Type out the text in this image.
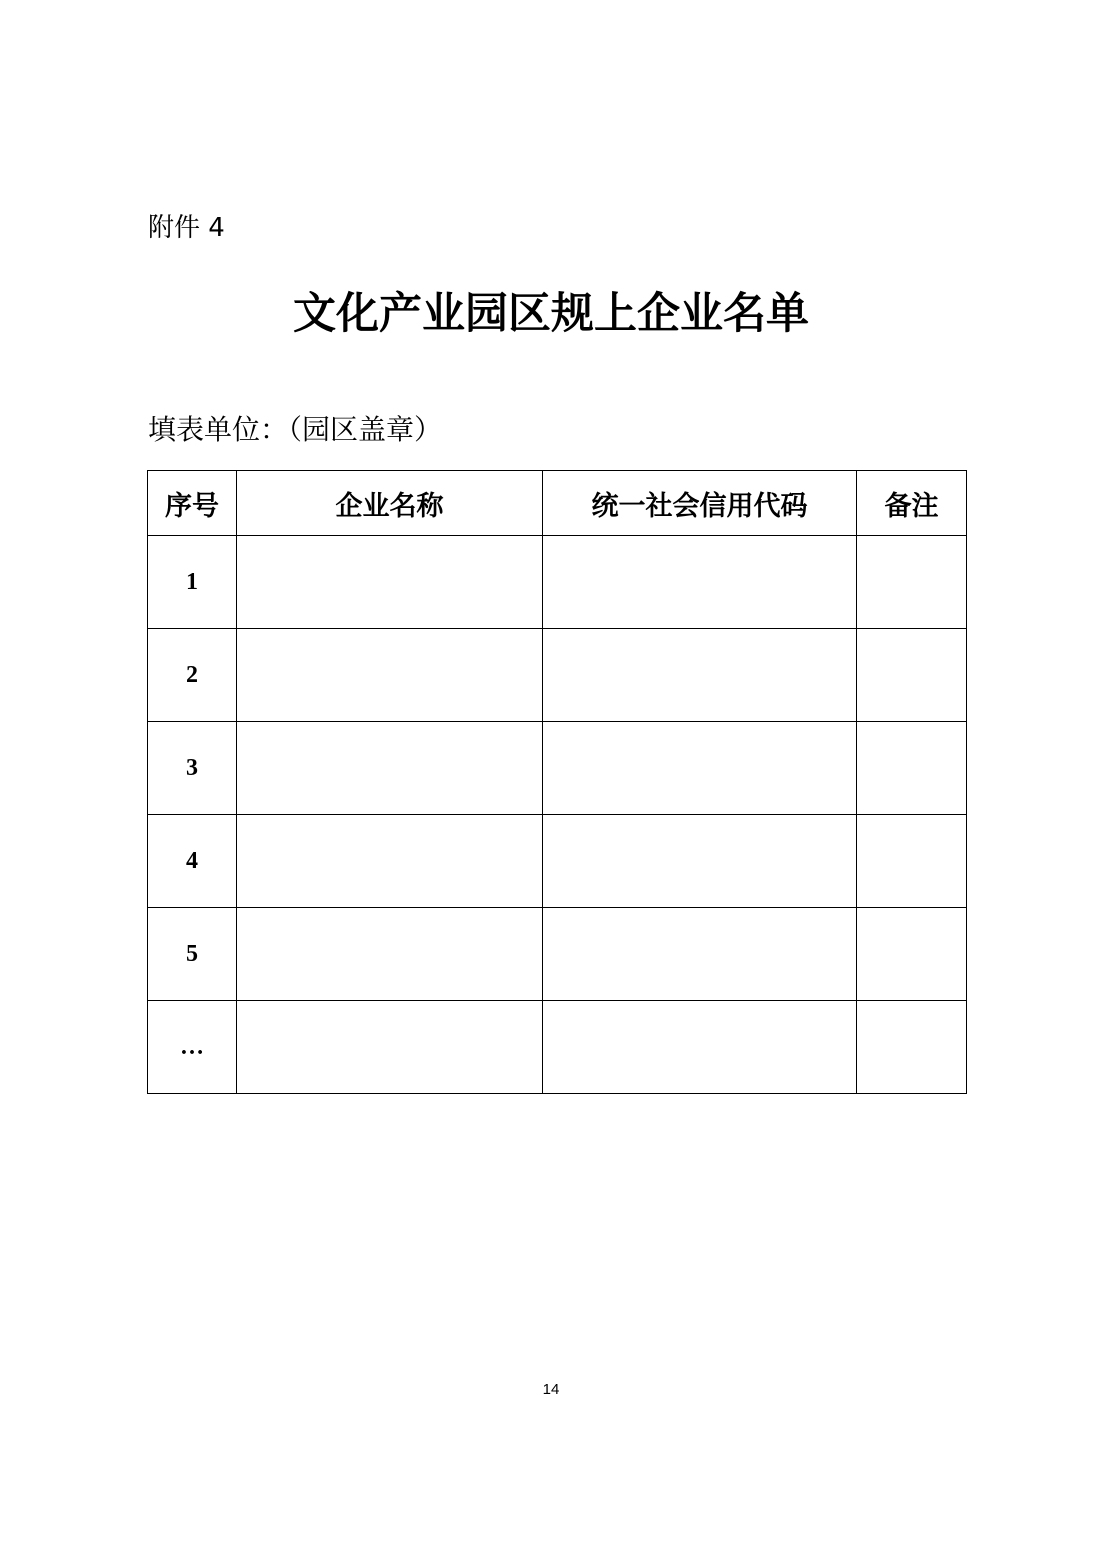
附件 4
文化产业园区规上企业名单
填表单位：（园区盖章）
序号	企业名称	统一社会信用代码	备注
1			
2			
3			
4			
5			
…			
14
